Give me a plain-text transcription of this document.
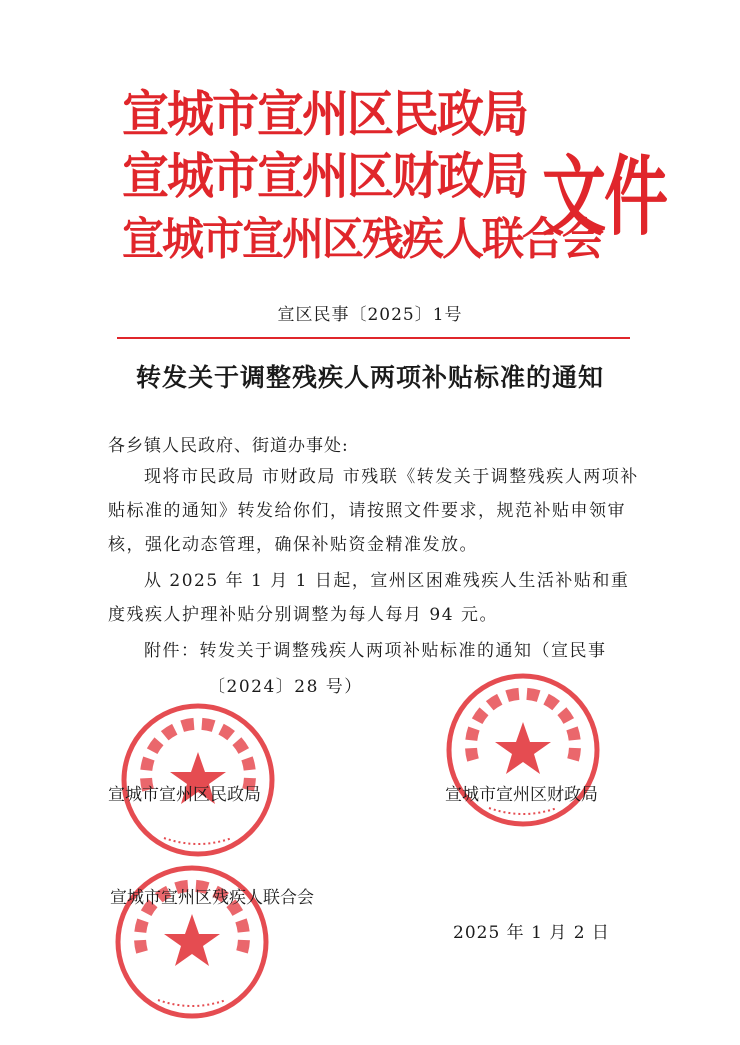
宣城市宣州区民政局
宣城市宣州区财政局
宣城市宣州区残疾人联合会
文件
宣区民事〔2025〕1号
转发关于调整残疾人两项补贴标准的通知
各乡镇人民政府、街道办事处:
现将市民政局 市财政局 市残联《转发关于调整残疾人两项补贴标准的通知》转发给你们，请按照文件要求，规范补贴申领审核，强化动态管理，确保补贴资金精准发放。
从 2025 年 1 月 1 日起，宣州区困难残疾人生活补贴和重度残疾人护理补贴分别调整为每人每月 94 元。
附件：转发关于调整残疾人两项补贴标准的通知（宣民事
〔2024〕28 号）
宣城市宣州区民政局	宣城市宣州区财政局
宣城市宣州区残疾人联合会
2025 年 1 月 2 日
